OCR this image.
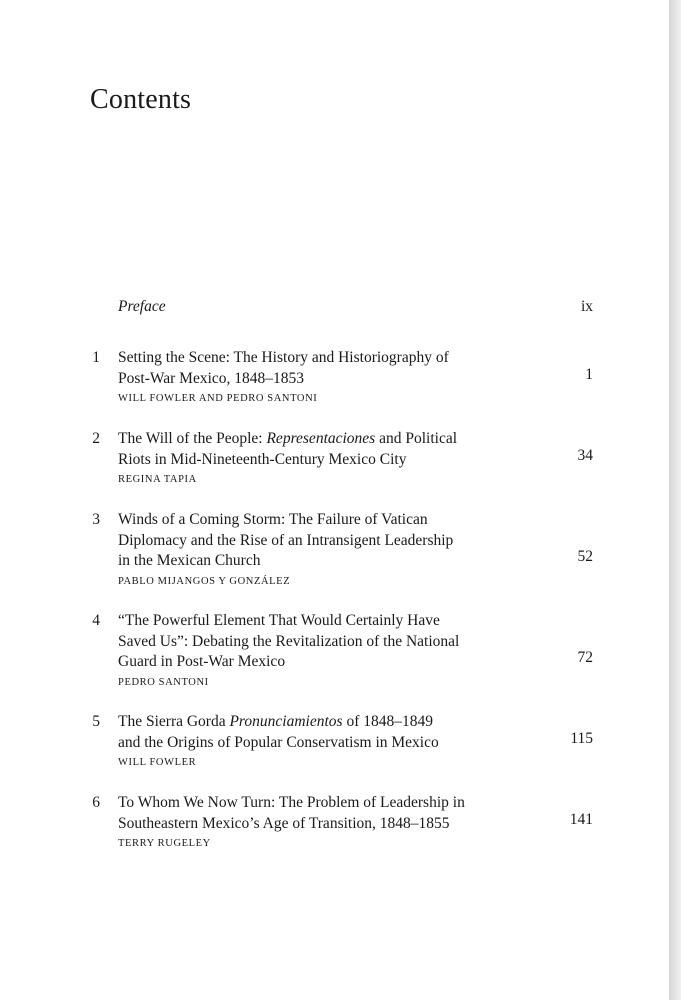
Contents
Preface	ix
1 Setting the Scene: The History and Historiography of
Post-War Mexico, 1848–1853	1
WILL FOWLER AND PEDRO SANTONI
2 The Will of the People: Representaciones and Political
Riots in Mid-Nineteenth-Century Mexico City	34
REGINA TAPIA
3 Winds of a Coming Storm: The Failure of Vatican
Diplomacy and the Rise of an Intransigent Leadership
in the Mexican Church	52
PABLO MIJANGOS Y GONZÁLEZ
4 “The Powerful Element That Would Certainly Have
Saved Us”: Debating the Revitalization of the National
Guard in Post-War Mexico	72
PEDRO SANTONI
5 The Sierra Gorda Pronunciamientos of 1848–1849
and the Origins of Popular Conservatism in Mexico	115
WILL FOWLER
6 To Whom We Now Turn: The Problem of Leadership in
Southeastern Mexico’s Age of Transition, 1848–1855	141
TERRY RUGELEY
